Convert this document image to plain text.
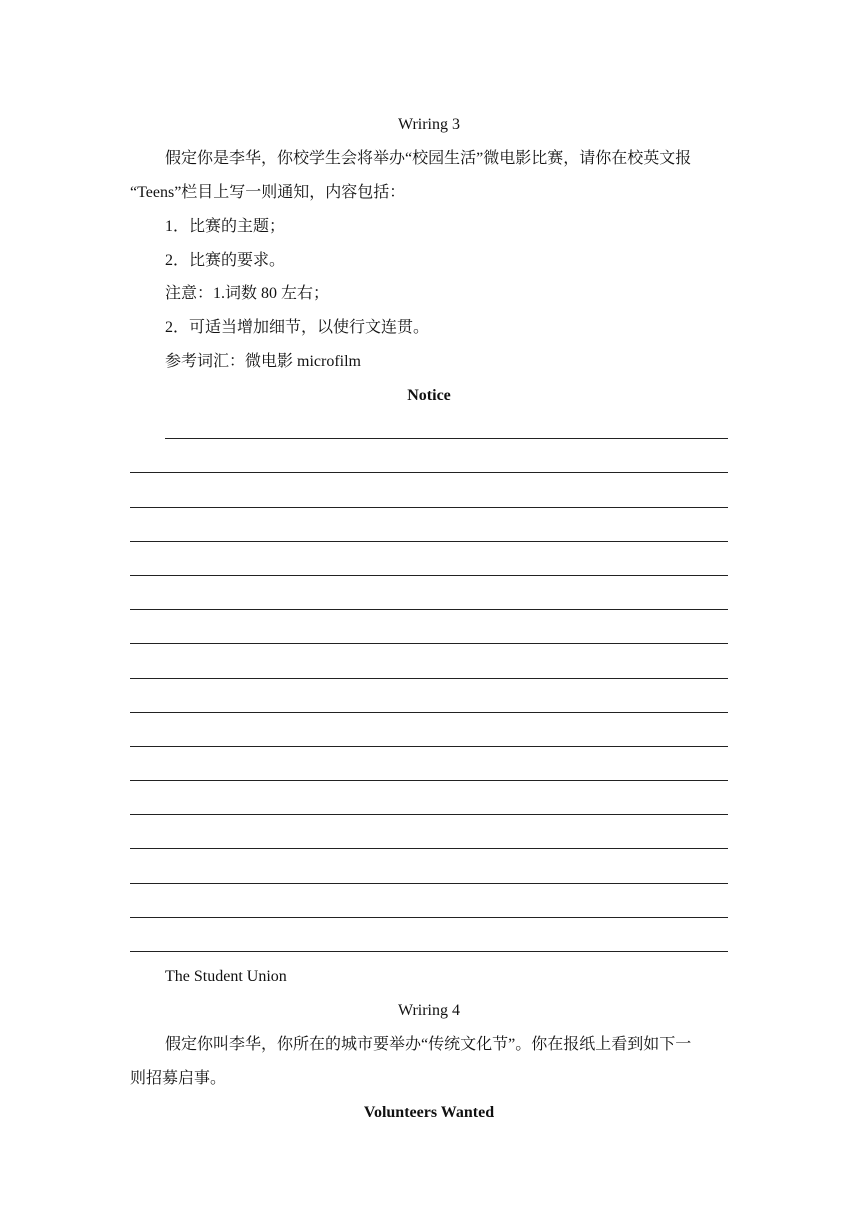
Wriring 3
假定你是李华，你校学生会将举办“校园生活”微电影比赛，请你在校英文报
“Teens”栏目上写一则通知，内容包括：
1．比赛的主题；
2．比赛的要求。
注意：1.词数 80 左右；
2．可适当增加细节，以使行文连贯。
参考词汇：微电影 microfilm
Notice
The Student Union
Wriring 4
假定你叫李华，你所在的城市要举办“传统文化节”。你在报纸上看到如下一
则招募启事。
Volunteers Wanted
